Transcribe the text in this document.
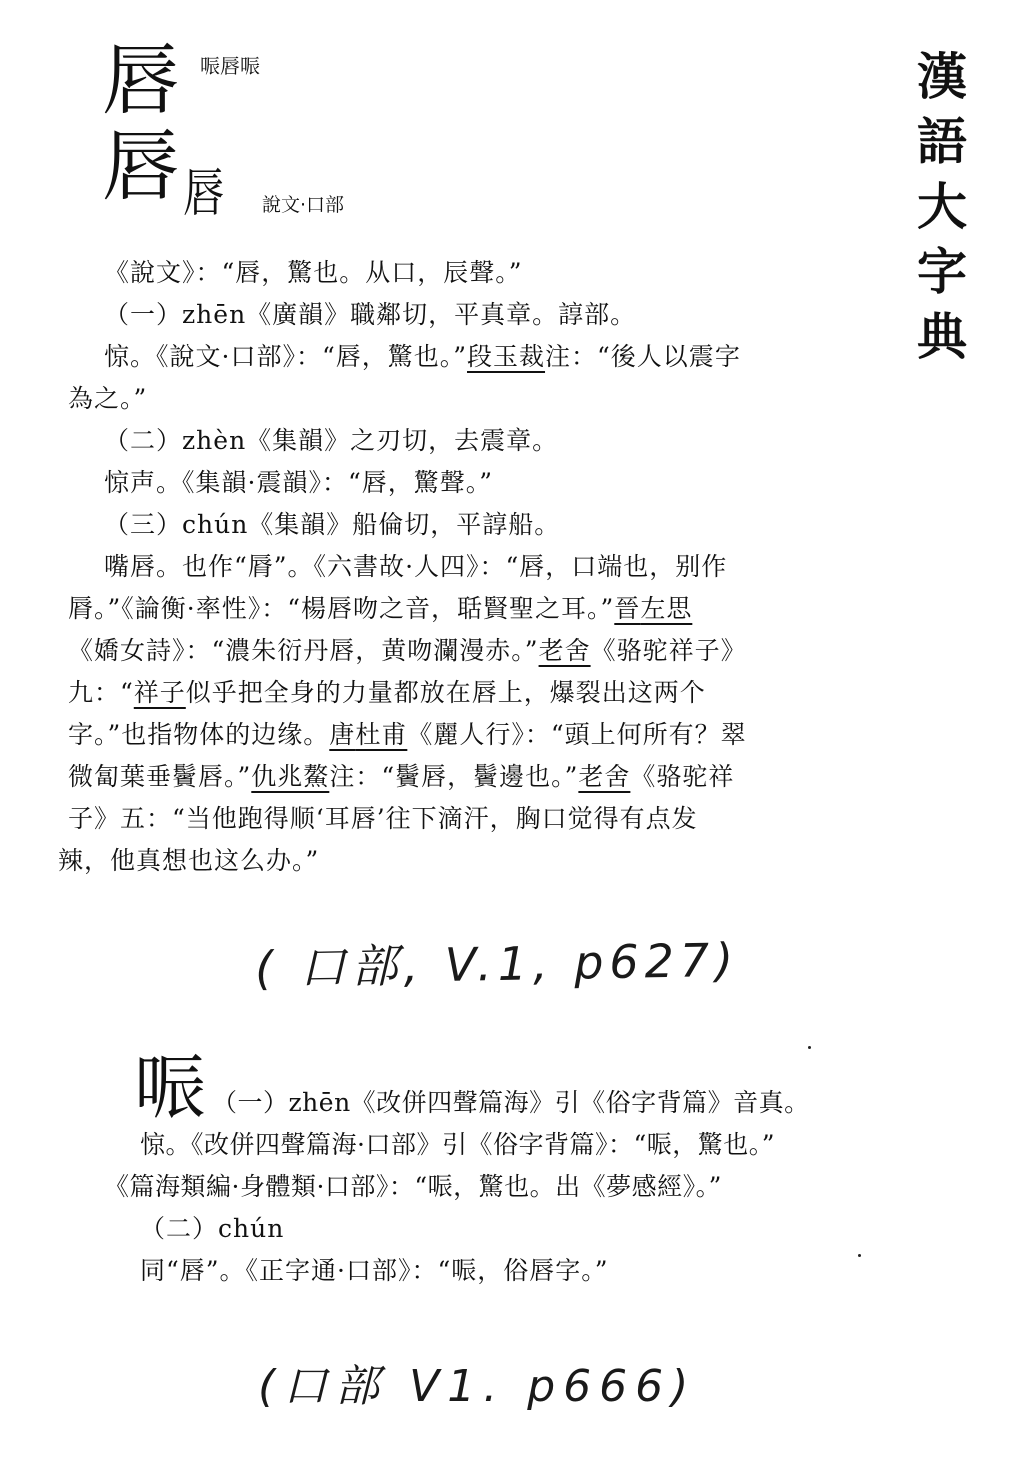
漢
語
大
字
典
唇 㖘唇㖘
唇 唇 說文·口部
《說文》：“唇，驚也。从口，辰聲。”
（一）zhēn《廣韻》職鄰切，平真章。諄部。
惊。《說文·口部》：“唇，驚也。”段玉裁注：“後人以震字
為之。”
（二）zhèn《集韻》之刃切，去震章。
惊声。《集韻·震韻》：“唇，驚聲。”
（三）chún《集韻》船倫切，平諄船。
嘴唇。也作“脣”。《六書故·人四》：“唇，口端也，别作
脣。”《論衡·率性》：“楊唇吻之音，聒賢聖之耳。”晉左思
《嬌女詩》：“濃朱衍丹唇，黄吻瀾漫赤。”老舍《骆驼祥子》
九：“祥子似乎把全身的力量都放在唇上，爆裂出这两个
字。”也指物体的边缘。唐杜甫《麗人行》：“頭上何所有？翠
微匐葉垂鬢唇。”仇兆鰲注：“鬢唇，鬢邊也。”老舍《骆驼祥
子》五：“当他跑得顺‘耳唇’往下滴汗，胸口觉得有点发
辣，他真想也这么办。”
( 口部, V.1, p627)
㖘 （一）zhēn《改併四聲篇海》引《俗字背篇》音真。
惊。《改併四聲篇海·口部》引《俗字背篇》：“㖘，驚也。”
《篇海類編·身體類·口部》：“㖘，驚也。出《夢感經》。”
（二）chún
同“唇”。《正字通·口部》：“㖘，俗唇字。”
(口部 V1. p666)
